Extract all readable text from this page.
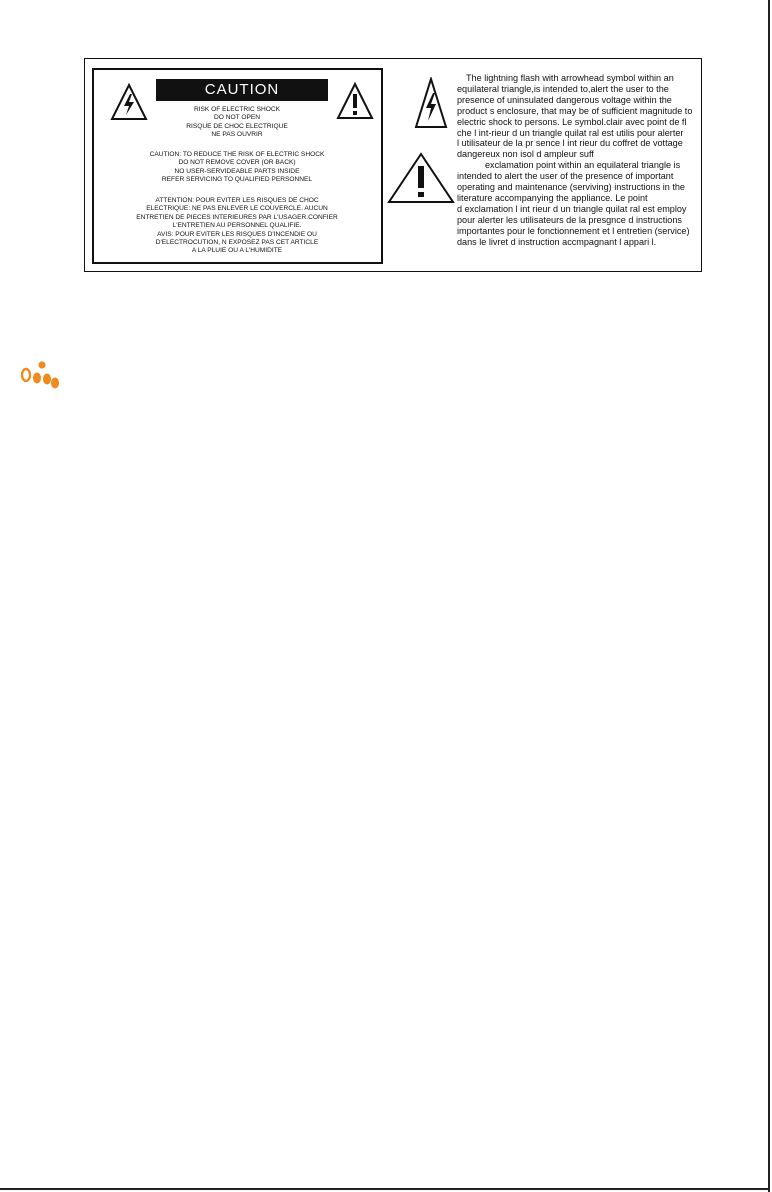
CAUTION
RISK OF ELECTRIC SHOCK
DO NOT OPEN
RISQUE DE CHOC ELECTRIQUE
NE PAS OUVRIR
CAUTION: TO REDUCE THE RISK OF ELECTRIC SHOCK
DO NOT REMOVE COVER (OR BACK)
NO USER-SERVIDEABLE PARTS INSIDE
REFER SERVICING TO QUALIFIED PERSONNEL
ATTENTION: POUR EVITER LES RISQUES DE CHOC
ELECTRIQUE: NE PAS ENLEVER LE COUVERCLE. AUCUN
ENTRETIEN DE PIECES INTERIEURES PAR L'USAGER.CONFIER
L'ENTRETIEN AU PERSONNEL QUALIFIE.
AVIS: POUR EVITER LES RISQUES D'INCENDIE OU
D'ELECTROCUTION, N EXPOSEZ PAS CET ARTICLE
A LA PLUIE OU A L'HUMIDITE
The lightning flash with arrowhead symbol within an
equilateral triangle,is intended to,alert the user to the
presence of uninsulated dangerous voltage within the
product s enclosure, that may be of sufficient magnitude to
electric shock to persons. Le symbol.clair avec point de fl
che l int-rieur d un triangle quilat ral est utilis pour alerter
l utilisateur de la pr sence l int rieur du coffret de vottage
dangereux non isol d ampleur suff
exclamation point within an equilateral triangle is
intended to alert the user of the presence of important
operating and maintenance (serviving) instructions in the
literature accompanying the appliance. Le point
d exclamation l int rieur d un triangle quilat ral est employ
pour alerter les utilisateurs de la presgnce d instructions
importantes pour le fonctionnement et l entretien (service)
dans le livret d instruction accmpagnant l appari l.
